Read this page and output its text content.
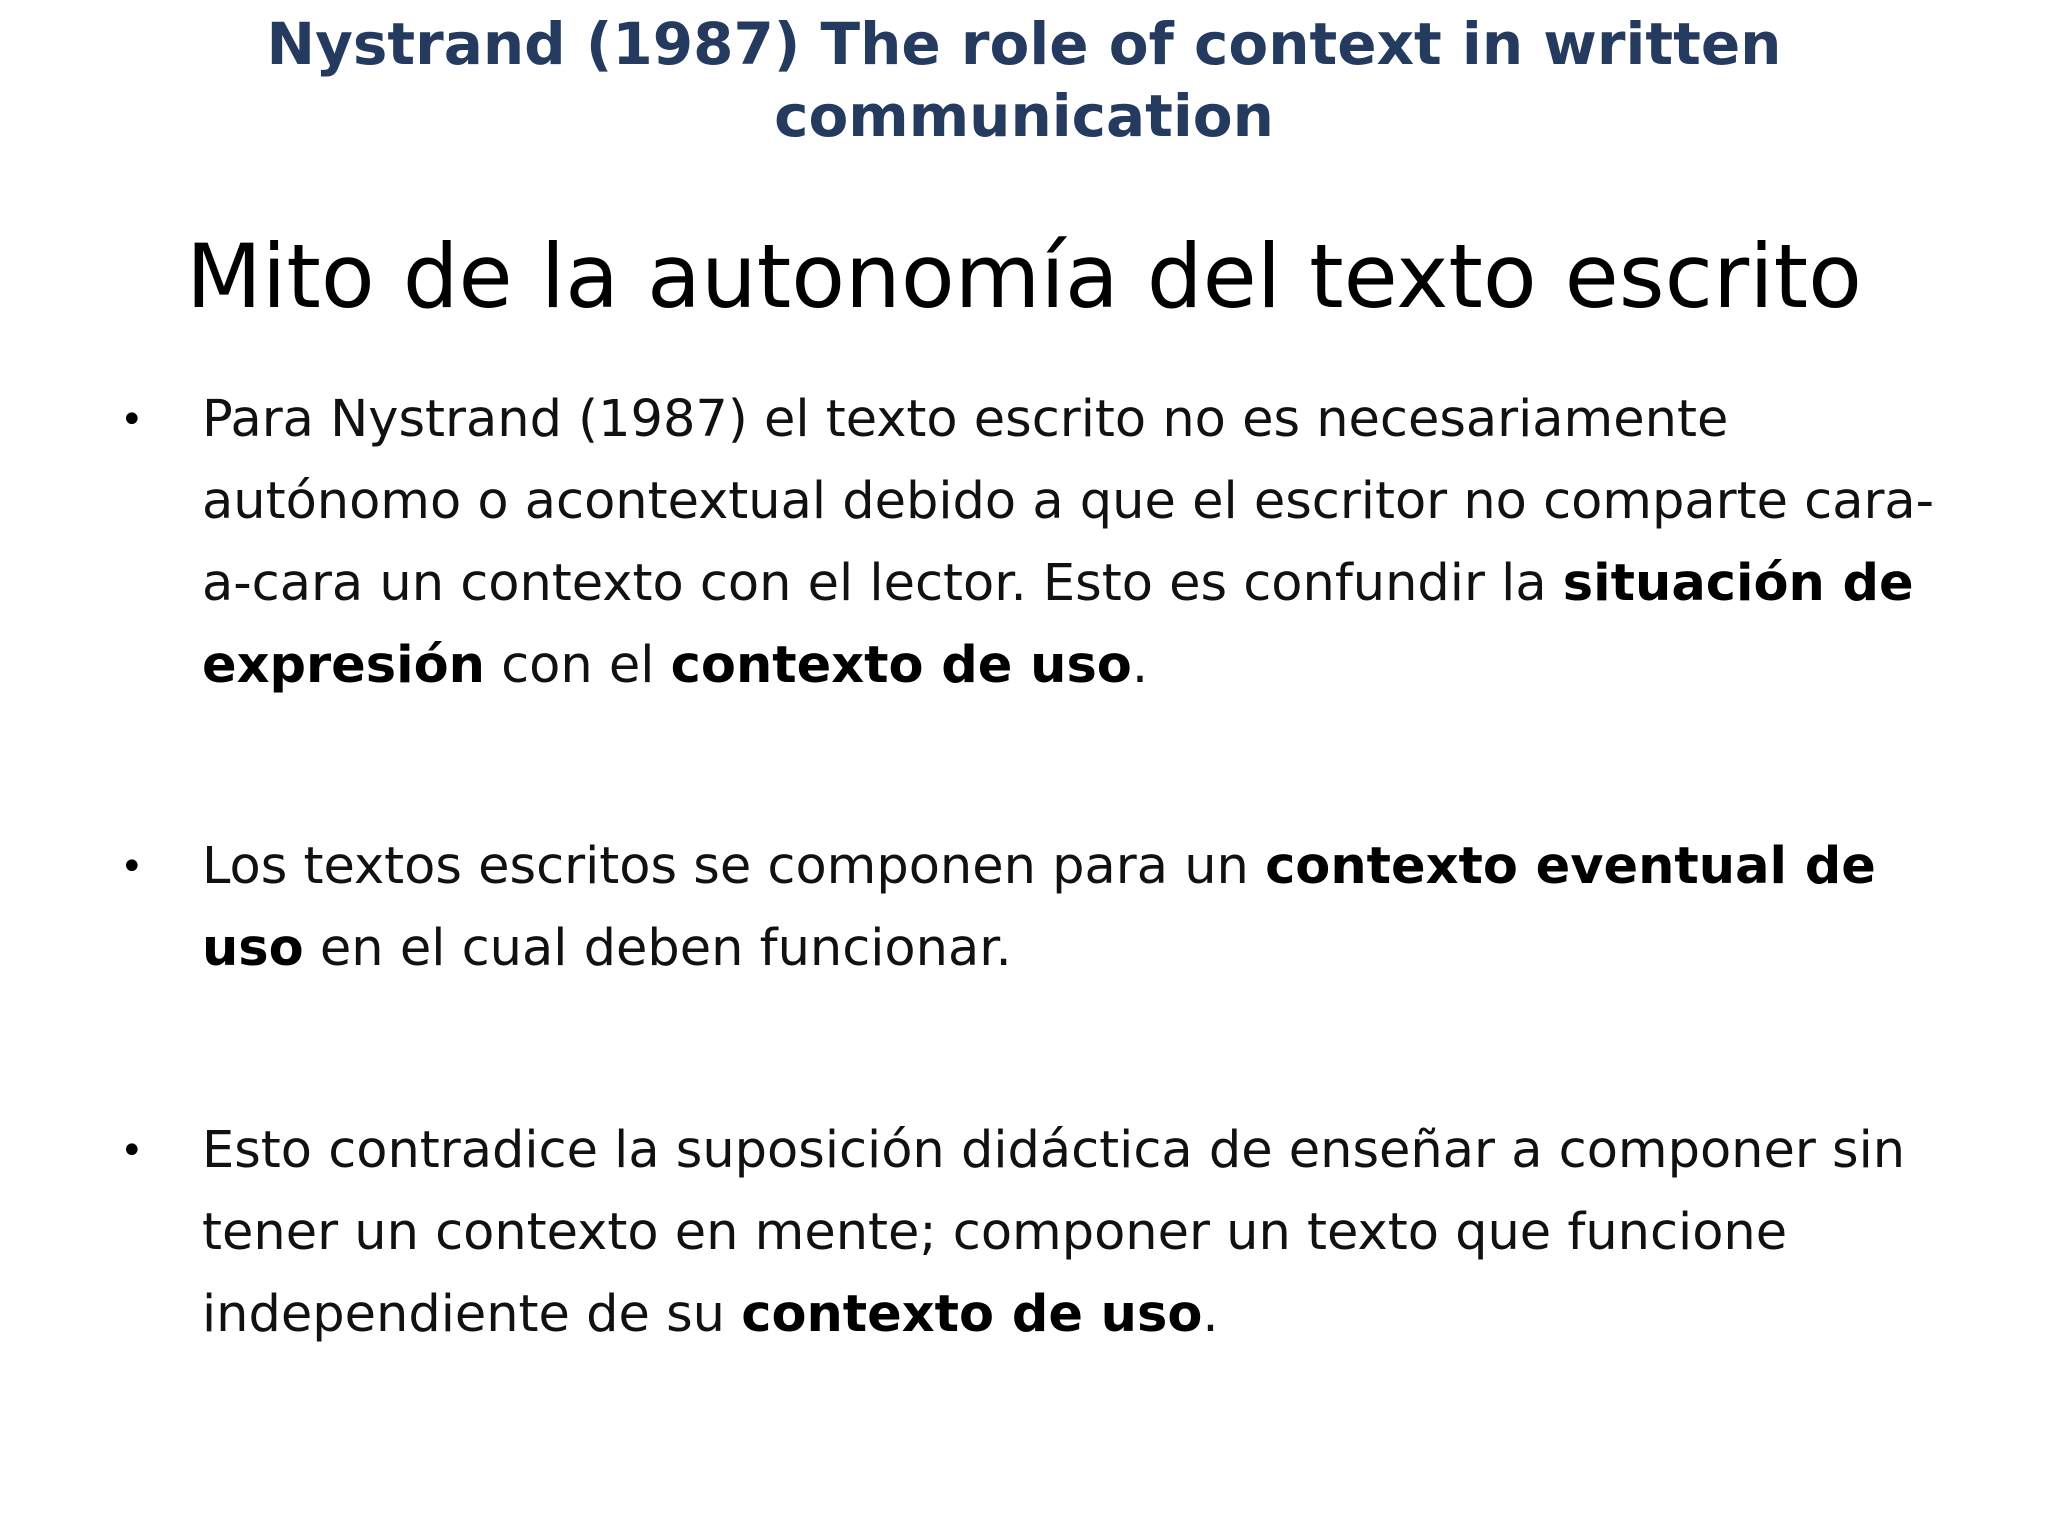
Nystrand (1987) The role of context in written
communication
Mito de la autonomía del texto escrito
•	Para Nystrand (1987) el texto escrito no es necesariamente autónomo o acontextual debido a que el escritor no comparte cara-a-cara un contexto con el lector. Esto es confundir la situación de expresión con el contexto de uso.
•	Los textos escritos se componen para un contexto eventual de uso en el cual deben funcionar.
•	Esto contradice la suposición didáctica de enseñar a componer sin tener un contexto en mente; componer un texto que funcione independiente de su contexto de uso.
